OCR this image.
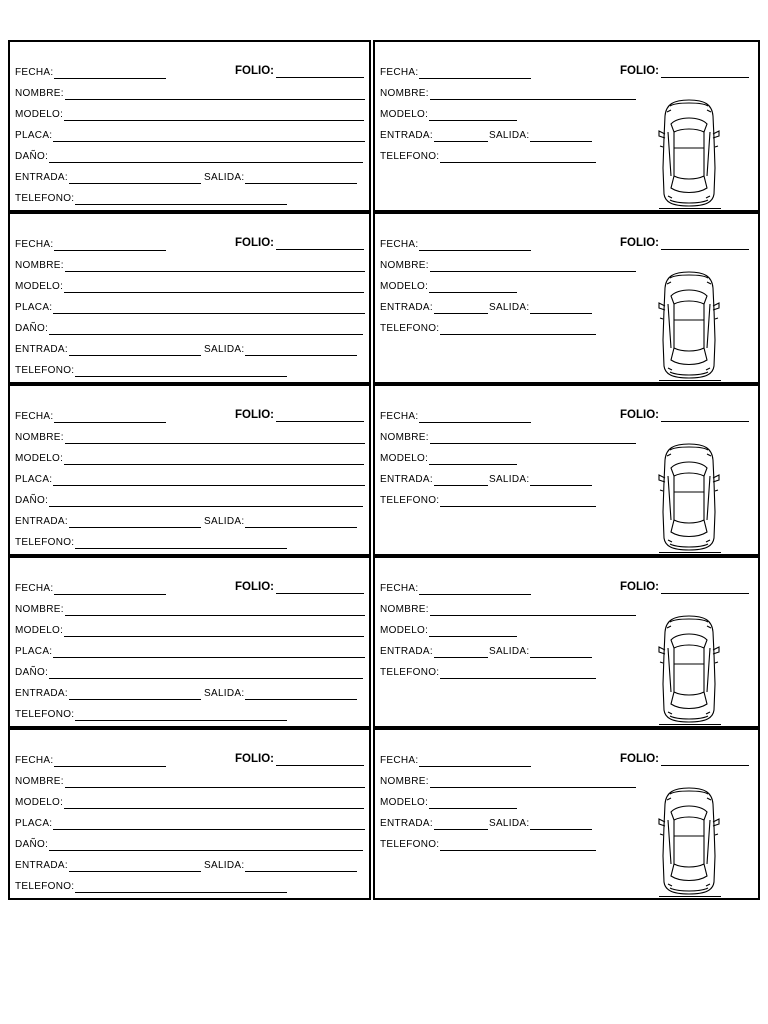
FECHA:	FOLIO:
NOMBRE:
MODELO:
PLACA:
DAÑO:
ENTRADA:	SALIDA:
TELEFONO:
FECHA:	FOLIO:
NOMBRE:
MODELO:
ENTRADA:	SALIDA:
TELEFONO:
FECHA:	FOLIO:
NOMBRE:
MODELO:
PLACA:
DAÑO:
ENTRADA:	SALIDA:
TELEFONO:
FECHA:	FOLIO:
NOMBRE:
MODELO:
ENTRADA:	SALIDA:
TELEFONO:
FECHA:	FOLIO:
NOMBRE:
MODELO:
PLACA:
DAÑO:
ENTRADA:	SALIDA:
TELEFONO:
FECHA:	FOLIO:
NOMBRE:
MODELO:
ENTRADA:	SALIDA:
TELEFONO:
FECHA:	FOLIO:
NOMBRE:
MODELO:
PLACA:
DAÑO:
ENTRADA:	SALIDA:
TELEFONO:
FECHA:	FOLIO:
NOMBRE:
MODELO:
ENTRADA:	SALIDA:
TELEFONO:
FECHA:	FOLIO:
NOMBRE:
MODELO:
PLACA:
DAÑO:
ENTRADA:	SALIDA:
TELEFONO:
FECHA:	FOLIO:
NOMBRE:
MODELO:
ENTRADA:	SALIDA:
TELEFONO:
